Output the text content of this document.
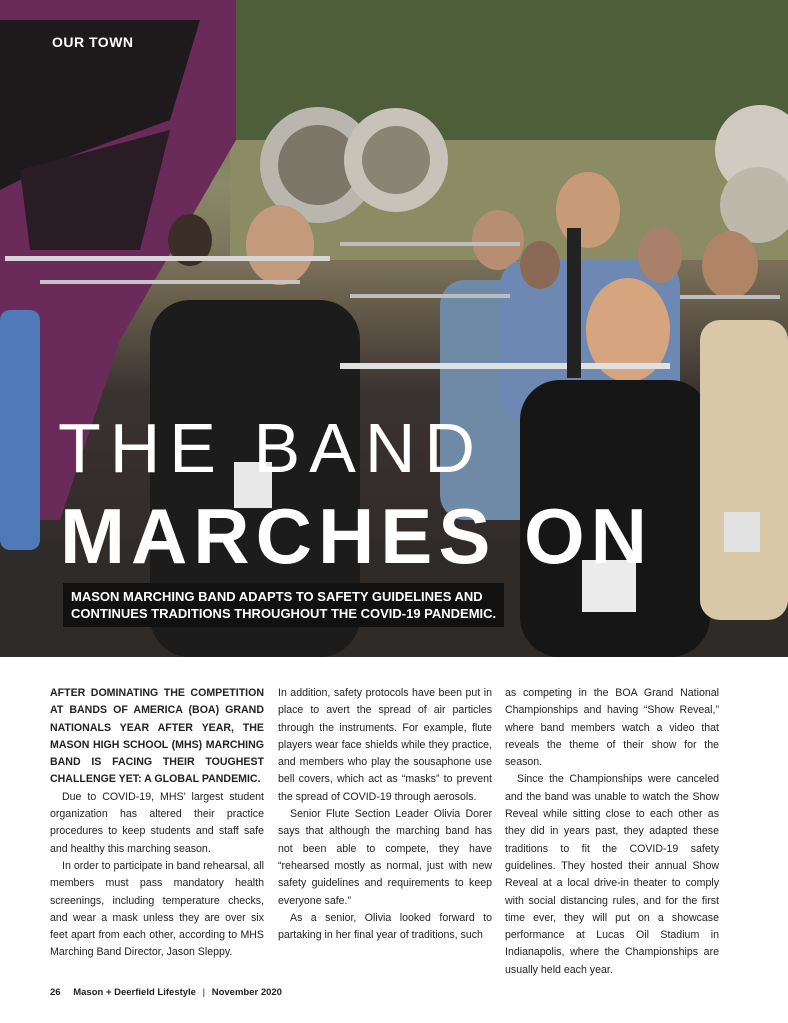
OUR TOWN
THE BAND
MARCHES ON
MASON MARCHING BAND ADAPTS TO SAFETY GUIDELINES AND
CONTINUES TRADITIONS THROUGHOUT THE COVID-19 PANDEMIC.

AFTER DOMINATING THE COMPETITION AT BANDS OF AMERICA (BOA) GRAND NATIONALS YEAR AFTER YEAR, THE MASON HIGH SCHOOL (MHS) MARCHING BAND IS FACING THEIR TOUGHEST CHALLENGE YET: A GLOBAL PANDEMIC.

Due to COVID-19, MHS’ largest student organization has altered their practice procedures to keep students and staff safe and healthy this marching season.

In order to participate in band rehearsal, all members must pass mandatory health screenings, including temperature checks, and wear a mask unless they are over six feet apart from each other, according to MHS Marching Band Director, Jason Sleppy.

In addition, safety protocols have been put in place to avert the spread of air particles through the instruments. For example, flute players wear face shields while they practice, and members who play the sousaphone use bell covers, which act as “masks” to prevent the spread of COVID-19 through aerosols.

Senior Flute Section Leader Olivia Dorer says that although the marching band has not been able to compete, they have “rehearsed mostly as normal, just with new safety guidelines and requirements to keep everyone safe.”

As a senior, Olivia looked forward to partaking in her final year of traditions, such

as competing in the BOA Grand National Championships and having “Show Reveal,” where band members watch a video that reveals the theme of their show for the season.

Since the Championships were canceled and the band was unable to watch the Show Reveal while sitting close to each other as they did in years past, they adapted these traditions to fit the COVID-19 safety guidelines. They hosted their annual Show Reveal at a local drive-in theater to comply with social distancing rules, and for the first time ever, they will put on a showcase performance at Lucas Oil Stadium in Indianapolis, where the Championships are usually held each year.

26 Mason + Deerfield Lifestyle | November 2020
